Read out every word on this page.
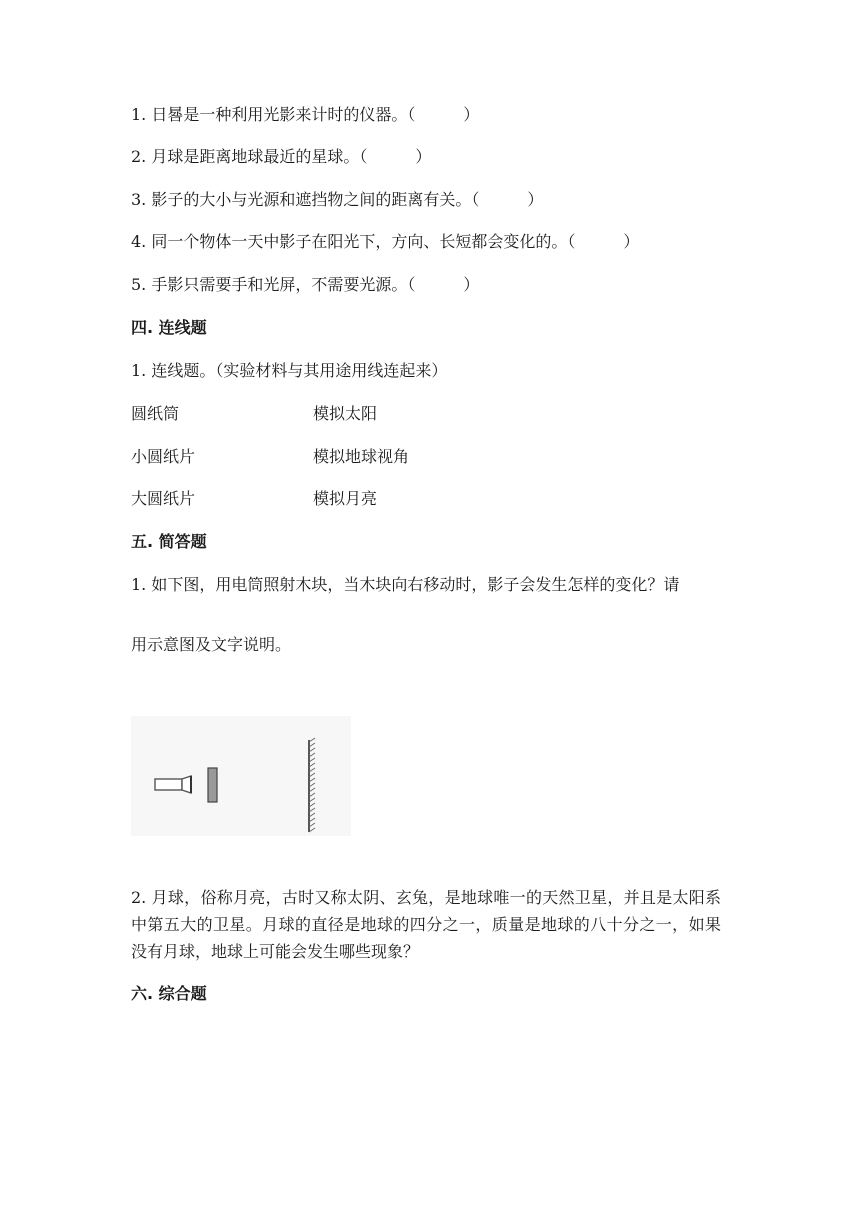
1. 日晷是一种利用光影来计时的仪器。（　　　）
2. 月球是距离地球最近的星球。（　　　）
3. 影子的大小与光源和遮挡物之间的距离有关。（　　　）
4. 同一个物体一天中影子在阳光下，方向、长短都会变化的。（　　　）
5. 手影只需要手和光屏，不需要光源。（　　　）
四. 连线题
1. 连线题。（实验材料与其用途用线连起来）
圆纸筒	模拟太阳
小圆纸片	模拟地球视角
大圆纸片	模拟月亮
五. 简答题
1. 如下图，用电筒照射木块，当木块向右移动时，影子会发生怎样的变化？请
用示意图及文字说明。
2. 月球，俗称月亮，古时又称太阴、玄兔，是地球唯一的天然卫星，并且是太阳系中第五大的卫星。月球的直径是地球的四分之一，质量是地球的八十分之一，如果没有月球，地球上可能会发生哪些现象？
六. 综合题
